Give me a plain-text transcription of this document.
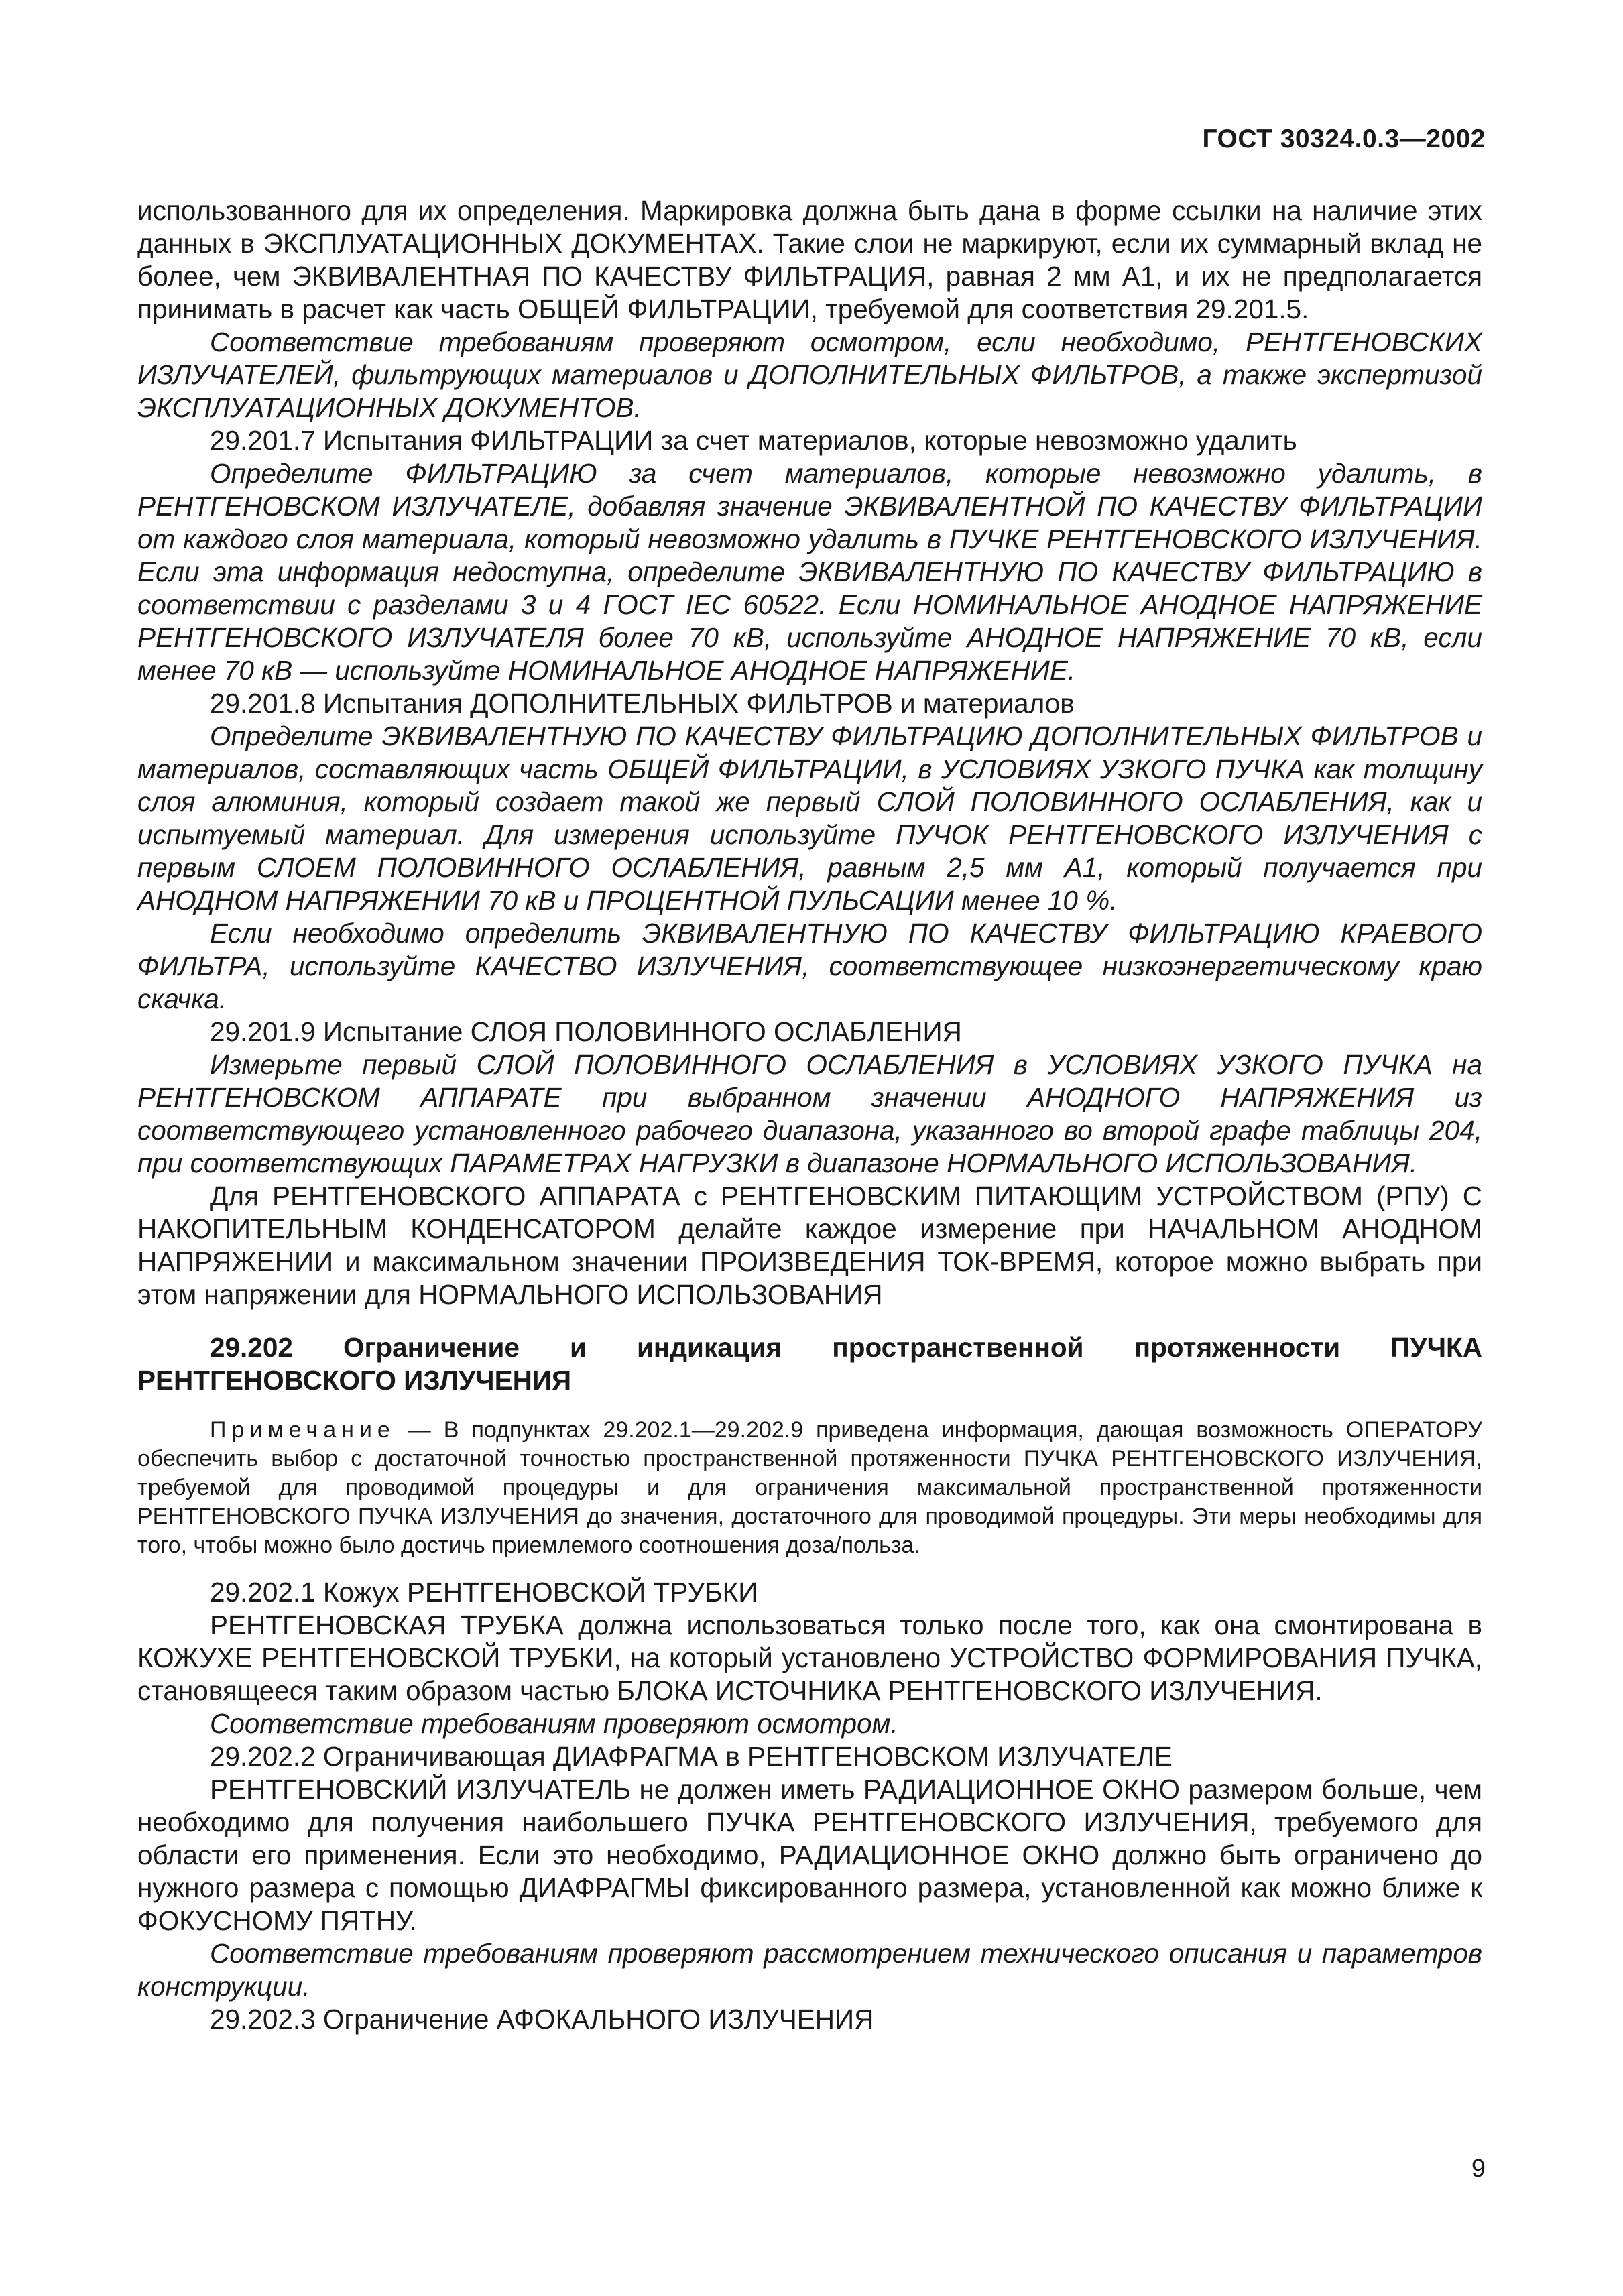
ГОСТ 30324.0.3—2002

использованного для их определения. Маркировка должна быть дана в форме ссылки на наличие этих данных в ЭКСПЛУАТАЦИОННЫХ ДОКУМЕНТАХ. Такие слои не маркируют, если их суммарный вклад не более, чем ЭКВИВАЛЕНТНАЯ ПО КАЧЕСТВУ ФИЛЬТРАЦИЯ, равная 2 мм А1, и их не предполагается принимать в расчет как часть ОБЩЕЙ ФИЛЬТРАЦИИ, требуемой для соответствия 29.201.5.

Соответствие требованиям проверяют осмотром, если необходимо, РЕНТГЕНОВСКИХ ИЗЛУЧАТЕЛЕЙ, фильтрующих материалов и ДОПОЛНИТЕЛЬНЫХ ФИЛЬТРОВ, а также экспертизой ЭКСПЛУАТАЦИОННЫХ ДОКУМЕНТОВ.

29.201.7 Испытания ФИЛЬТРАЦИИ за счет материалов, которые невозможно удалить

Определите ФИЛЬТРАЦИЮ за счет материалов, которые невозможно удалить, в РЕНТГЕНОВСКОМ ИЗЛУЧАТЕЛЕ, добавляя значение ЭКВИВАЛЕНТНОЙ ПО КАЧЕСТВУ ФИЛЬТРАЦИИ от каждого слоя материала, который невозможно удалить в ПУЧКЕ РЕНТГЕНОВСКОГО ИЗЛУЧЕНИЯ. Если эта информация недоступна, определите ЭКВИВАЛЕНТНУЮ ПО КАЧЕСТВУ ФИЛЬТРАЦИЮ в соответствии с разделами 3 и 4 ГОСТ IEC 60522. Если НОМИНАЛЬНОЕ АНОДНОЕ НАПРЯЖЕНИЕ РЕНТГЕНОВСКОГО ИЗЛУЧАТЕЛЯ более 70 кВ, используйте АНОДНОЕ НАПРЯЖЕНИЕ 70 кВ, если менее 70 кВ — используйте НОМИНАЛЬНОЕ АНОДНОЕ НАПРЯЖЕНИЕ.

29.201.8 Испытания ДОПОЛНИТЕЛЬНЫХ ФИЛЬТРОВ и материалов

Определите ЭКВИВАЛЕНТНУЮ ПО КАЧЕСТВУ ФИЛЬТРАЦИЮ ДОПОЛНИТЕЛЬНЫХ ФИЛЬТРОВ и материалов, составляющих часть ОБЩЕЙ ФИЛЬТРАЦИИ, в УСЛОВИЯХ УЗКОГО ПУЧКА как толщину слоя алюминия, который создает такой же первый СЛОЙ ПОЛОВИННОГО ОСЛАБЛЕНИЯ, как и испытуемый материал. Для измерения используйте ПУЧОК РЕНТГЕНОВСКОГО ИЗЛУЧЕНИЯ с первым СЛОЕМ ПОЛОВИННОГО ОСЛАБЛЕНИЯ, равным 2,5 мм А1, который получается при АНОДНОМ НАПРЯЖЕНИИ 70 кВ и ПРОЦЕНТНОЙ ПУЛЬСАЦИИ менее 10 %.

Если необходимо определить ЭКВИВАЛЕНТНУЮ ПО КАЧЕСТВУ ФИЛЬТРАЦИЮ КРАЕВОГО ФИЛЬТРА, используйте КАЧЕСТВО ИЗЛУЧЕНИЯ, соответствующее низкоэнергетическому краю скачка.

29.201.9 Испытание СЛОЯ ПОЛОВИННОГО ОСЛАБЛЕНИЯ

Измерьте первый СЛОЙ ПОЛОВИННОГО ОСЛАБЛЕНИЯ в УСЛОВИЯХ УЗКОГО ПУЧКА на РЕНТГЕНОВСКОМ АППАРАТЕ при выбранном значении АНОДНОГО НАПРЯЖЕНИЯ из соответствующего установленного рабочего диапазона, указанного во второй графе таблицы 204, при соответствующих ПАРАМЕТРАХ НАГРУЗКИ в диапазоне НОРМАЛЬНОГО ИСПОЛЬЗОВАНИЯ.

Для РЕНТГЕНОВСКОГО АППАРАТА с РЕНТГЕНОВСКИМ ПИТАЮЩИМ УСТРОЙСТВОМ (РПУ) С НАКОПИТЕЛЬНЫМ КОНДЕНСАТОРОМ делайте каждое измерение при НАЧАЛЬНОМ АНОДНОМ НАПРЯЖЕНИИ и максимальном значении ПРОИЗВЕДЕНИЯ ТОК-ВРЕМЯ, которое можно выбрать при этом напряжении для НОРМАЛЬНОГО ИСПОЛЬЗОВАНИЯ

29.202 Ограничение и индикация пространственной протяженности ПУЧКА РЕНТГЕНОВСКОГО ИЗЛУЧЕНИЯ

Примечание — В подпунктах 29.202.1—29.202.9 приведена информация, дающая возможность ОПЕРАТОРУ обеспечить выбор с достаточной точностью пространственной протяженности ПУЧКА РЕНТГЕНОВСКОГО ИЗЛУЧЕНИЯ, требуемой для проводимой процедуры и для ограничения максимальной пространственной протяженности РЕНТГЕНОВСКОГО ПУЧКА ИЗЛУЧЕНИЯ до значения, достаточного для проводимой процедуры. Эти меры необходимы для того, чтобы можно было достичь приемлемого соотношения доза/польза.

29.202.1 Кожух РЕНТГЕНОВСКОЙ ТРУБКИ

РЕНТГЕНОВСКАЯ ТРУБКА должна использоваться только после того, как она смонтирована в КОЖУХЕ РЕНТГЕНОВСКОЙ ТРУБКИ, на который установлено УСТРОЙСТВО ФОРМИРОВАНИЯ ПУЧКА, становящееся таким образом частью БЛОКА ИСТОЧНИКА РЕНТГЕНОВСКОГО ИЗЛУЧЕНИЯ.

Соответствие требованиям проверяют осмотром.

29.202.2 Ограничивающая ДИАФРАГМА в РЕНТГЕНОВСКОМ ИЗЛУЧАТЕЛЕ

РЕНТГЕНОВСКИЙ ИЗЛУЧАТЕЛЬ не должен иметь РАДИАЦИОННОЕ ОКНО размером больше, чем необходимо для получения наибольшего ПУЧКА РЕНТГЕНОВСКОГО ИЗЛУЧЕНИЯ, требуемого для области его применения. Если это необходимо, РАДИАЦИОННОЕ ОКНО должно быть ограничено до нужного размера с помощью ДИАФРАГМЫ фиксированного размера, установленной как можно ближе к ФОКУСНОМУ ПЯТНУ.

Соответствие требованиям проверяют рассмотрением технического описания и параметров конструкции.

29.202.3 Ограничение АФОКАЛЬНОГО ИЗЛУЧЕНИЯ

9
